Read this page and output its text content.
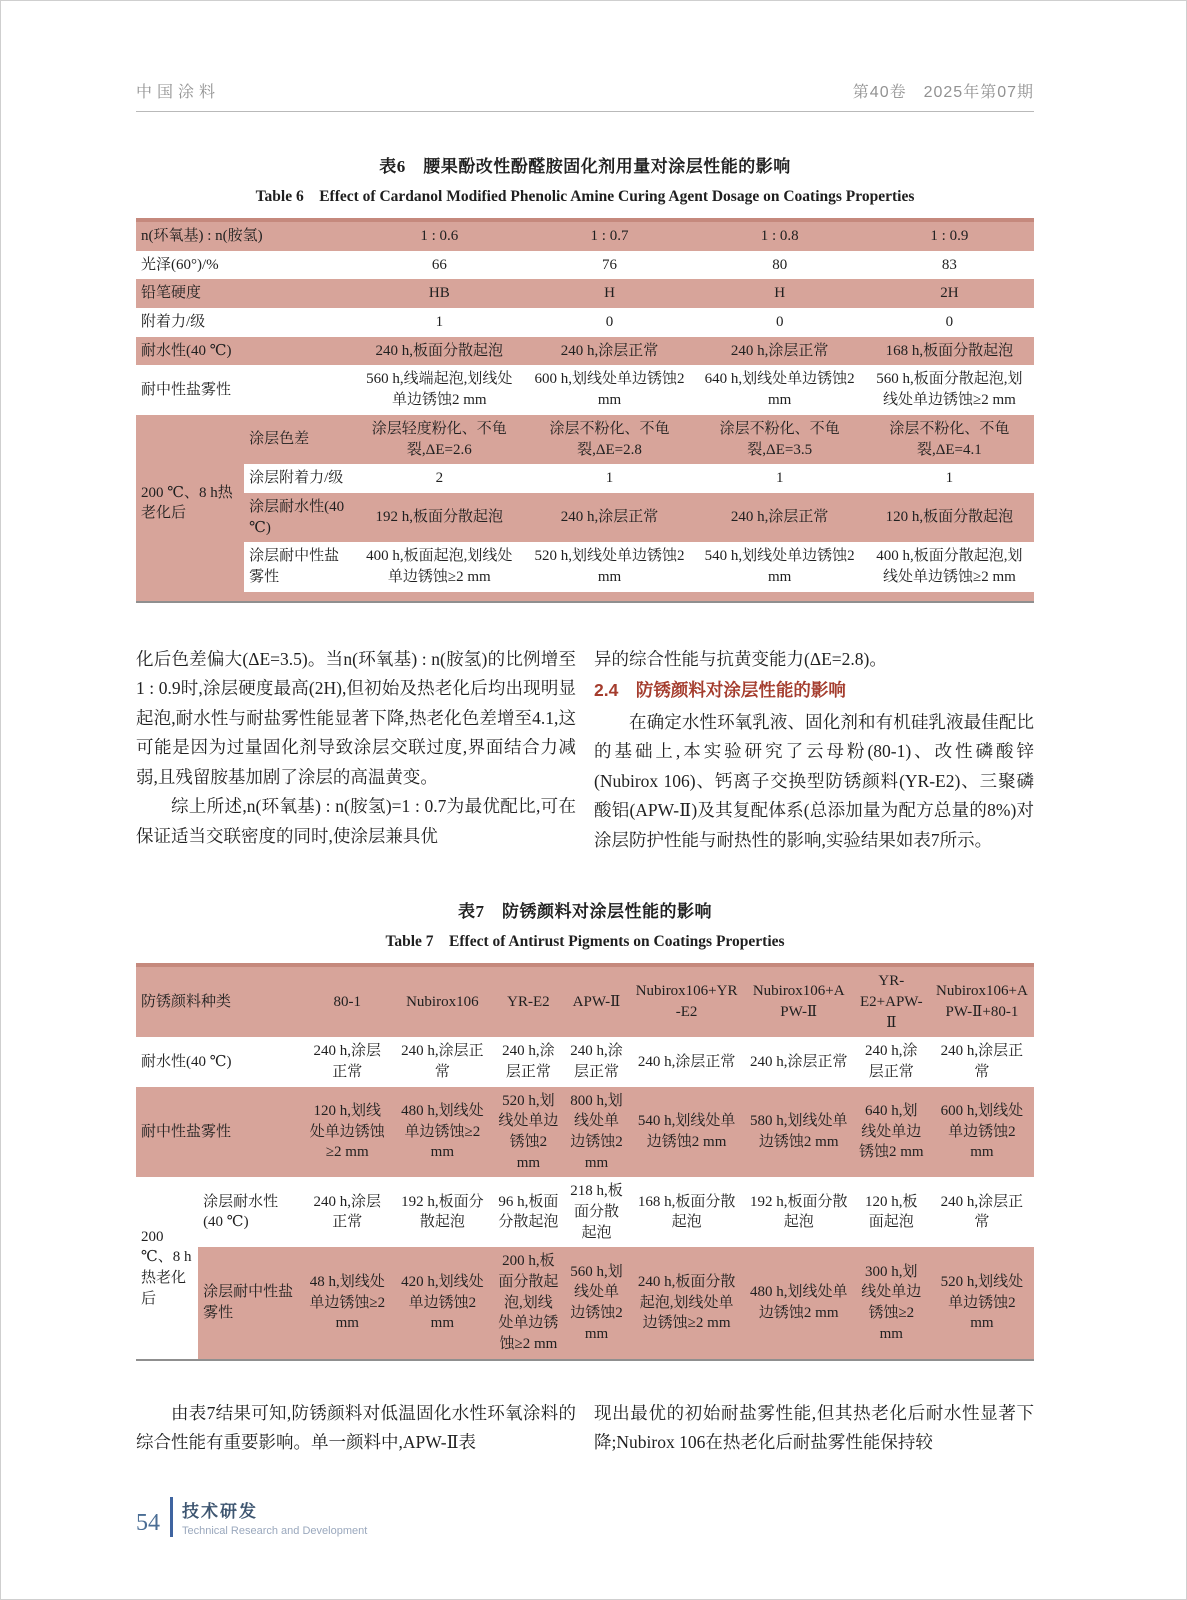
中国涂料	第40卷　2025年第07期
表6　腰果酚改性酚醛胺固化剂用量对涂层性能的影响
Table 6　Effect of Cardanol Modified Phenolic Amine Curing Agent Dosage on Coatings Properties
n(环氧基) : n(胺氢)		1 : 0.6	1 : 0.7	1 : 0.8	1 : 0.9
光泽(60°)/%		66	76	80	83
铅笔硬度		HB	H	H	2H
附着力/级		1	0	0	0
耐水性(40 ℃)		240 h,板面分散起泡	240 h,涂层正常	240 h,涂层正常	168 h,板面分散起泡
耐中性盐雾性		560 h,线端起泡,划线处单边锈蚀2 mm	600 h,划线处单边锈蚀2 mm	640 h,划线处单边锈蚀2 mm	560 h,板面分散起泡,划线处单边锈蚀≥2 mm
200 ℃、8 h热老化后	涂层色差	涂层轻度粉化、不龟裂,ΔE=2.6	涂层不粉化、不龟裂,ΔE=2.8	涂层不粉化、不龟裂,ΔE=3.5	涂层不粉化、不龟裂,ΔE=4.1
	涂层附着力/级	2	1	1	1
	涂层耐水性(40 ℃)	192 h,板面分散起泡	240 h,涂层正常	240 h,涂层正常	120 h,板面分散起泡
	涂层耐中性盐雾性	400 h,板面起泡,划线处单边锈蚀≥2 mm	520 h,划线处单边锈蚀2 mm	540 h,划线处单边锈蚀2 mm	400 h,板面分散起泡,划线处单边锈蚀≥2 mm

化后色差偏大(ΔE=3.5)。当n(环氧基) : n(胺氢)的比例增至1 : 0.9时,涂层硬度最高(2H),但初始及热老化后均出现明显起泡,耐水性与耐盐雾性能显著下降,热老化色差增至4.1,这可能是因为过量固化剂导致涂层交联过度,界面结合力减弱,且残留胺基加剧了涂层的高温黄变。

综上所述,n(环氧基) : n(胺氢)=1 : 0.7为最优配比,可在保证适当交联密度的同时,使涂层兼具优

异的综合性能与抗黄变能力(ΔE=2.8)。

2.4　防锈颜料对涂层性能的影响

在确定水性环氧乳液、固化剂和有机硅乳液最佳配比的基础上,本实验研究了云母粉(80-1)、改性磷酸锌(Nubirox 106)、钙离子交换型防锈颜料(YR-E2)、三聚磷酸铝(APW-Ⅱ)及其复配体系(总添加量为配方总量的8%)对涂层防护性能与耐热性的影响,实验结果如表7所示。

表7　防锈颜料对涂层性能的影响
Table 7　Effect of Antirust Pigments on Coatings Properties
防锈颜料种类		80-1	Nubirox106	YR-E2	APW-Ⅱ	Nubirox106+YR-E2	Nubirox106+APW-Ⅱ	YR-E2+APW-Ⅱ	Nubirox106+APW-Ⅱ+80-1
耐水性(40 ℃)		240 h,涂层正常	240 h,涂层正常	240 h,涂层正常	240 h,涂层正常	240 h,涂层正常	240 h,涂层正常	240 h,涂层正常	240 h,涂层正常
耐中性盐雾性		120 h,划线处单边锈蚀≥2 mm	480 h,划线处单边锈蚀≥2 mm	520 h,划线处单边锈蚀2 mm	800 h,划线处单边锈蚀2 mm	540 h,划线处单边锈蚀2 mm	580 h,划线处单边锈蚀2 mm	640 h,划线处单边锈蚀2 mm	600 h,划线处单边锈蚀2 mm
200 ℃、8 h热老化后	涂层耐水性(40 ℃)	240 h,涂层正常	192 h,板面分散起泡	96 h,板面分散起泡	218 h,板面分散起泡	168 h,板面分散起泡	192 h,板面分散起泡	120 h,板面起泡	240 h,涂层正常
	涂层耐中性盐雾性	48 h,划线处单边锈蚀≥2 mm	420 h,划线处单边锈蚀2 mm	200 h,板面分散起泡,划线处单边锈蚀≥2 mm	560 h,划线处单边锈蚀2 mm	240 h,板面分散起泡,划线处单边锈蚀≥2 mm	480 h,划线处单边锈蚀2 mm	300 h,划线处单边锈蚀≥2 mm	520 h,划线处单边锈蚀2 mm

由表7结果可知,防锈颜料对低温固化水性环氧涂料的综合性能有重要影响。单一颜料中,APW-Ⅱ表

现出最优的初始耐盐雾性能,但其热老化后耐水性显著下降;Nubirox 106在热老化后耐盐雾性能保持较

54 技术研发
Technical Research and Development
